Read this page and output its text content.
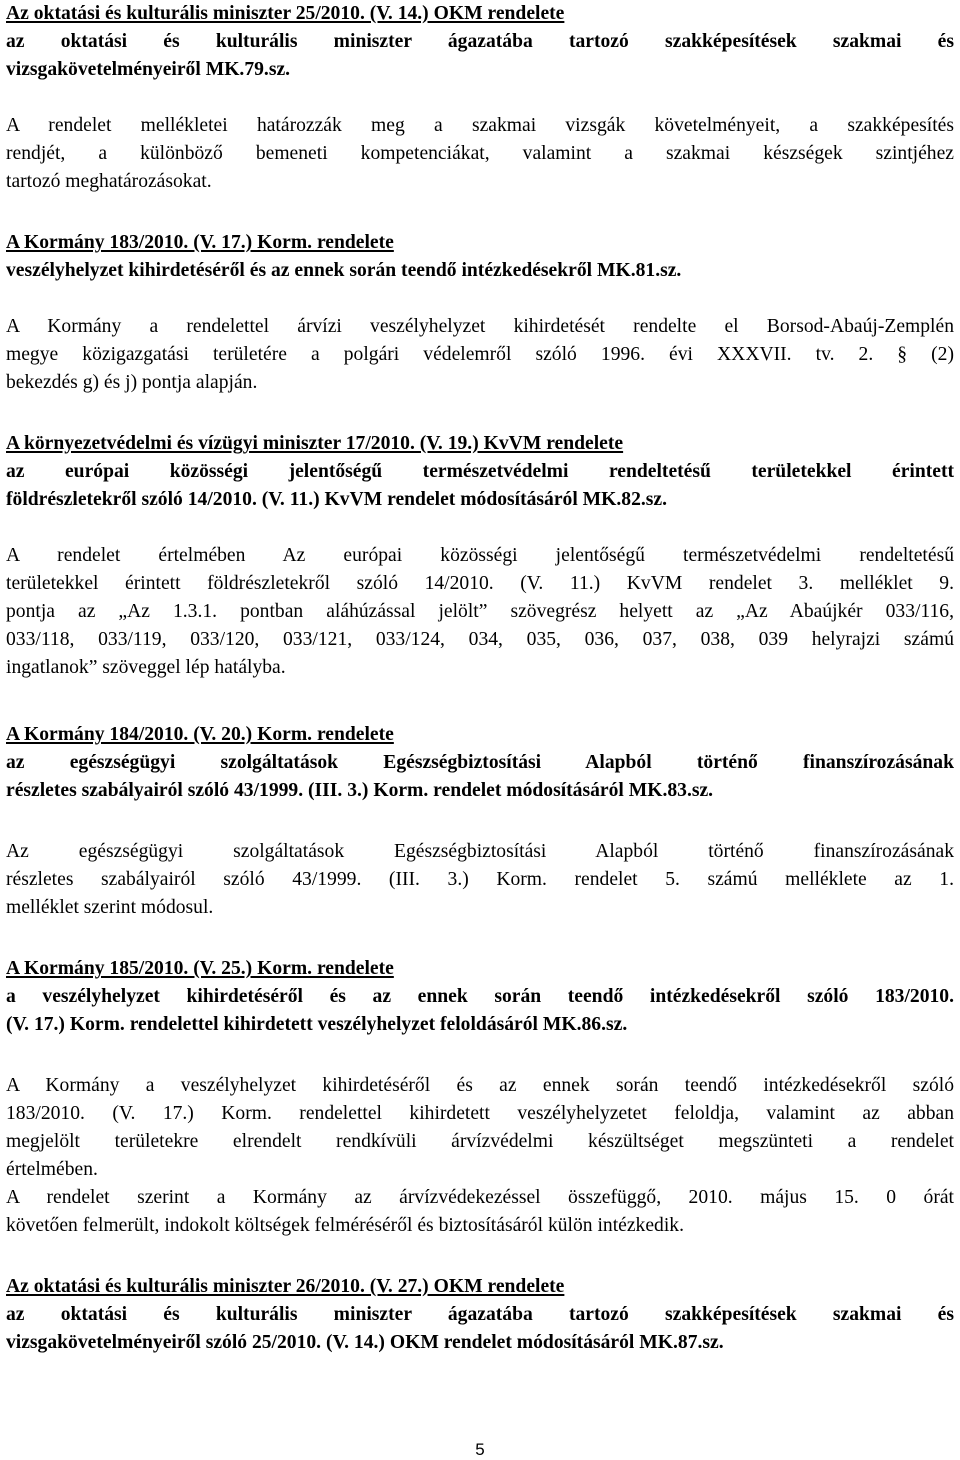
Az oktatási és kulturális miniszter 25/2010. (V. 14.) OKM rendelete
az oktatási és kulturális miniszter ágazatába tartozó szakképesítések szakmai és
vizsgakövetelményeiről MK.79.sz.
A rendelet mellékletei határozzák meg a szakmai vizsgák követelményeit, a szakképesítés
rendjét, a különböző bemeneti kompetenciákat, valamint a szakmai készségek szintjéhez
tartozó meghatározásokat.
A Kormány 183/2010. (V. 17.) Korm. rendelete
veszélyhelyzet kihirdetéséről és az ennek során teendő intézkedésekről MK.81.sz.
A Kormány a rendelettel árvízi veszélyhelyzet kihirdetését rendelte el Borsod-Abaúj-Zemplén
megye közigazgatási területére a polgári védelemről szóló 1996. évi XXXVII. tv. 2. § (2)
bekezdés g) és j) pontja alapján.
A környezetvédelmi és vízügyi miniszter 17/2010. (V. 19.) KvVM rendelete
az európai közösségi jelentőségű természetvédelmi rendeltetésű területekkel érintett
földrészletekről szóló 14/2010. (V. 11.) KvVM rendelet módosításáról MK.82.sz.
A rendelet értelmében Az európai közösségi jelentőségű természetvédelmi rendeltetésű
területekkel érintett földrészletekről szóló 14/2010. (V. 11.) KvVM rendelet 3. melléklet 9.
pontja az „Az 1.3.1. pontban aláhúzással jelölt” szövegrész helyett az „Az Abaújkér 033/116,
033/118, 033/119, 033/120, 033/121, 033/124, 034, 035, 036, 037, 038, 039 helyrajzi számú
ingatlanok” szöveggel lép hatályba.
A Kormány 184/2010. (V. 20.) Korm. rendelete
az egészségügyi szolgáltatások Egészségbiztosítási Alapból történő finanszírozásának
részletes szabályairól szóló 43/1999. (III. 3.) Korm. rendelet módosításáról MK.83.sz.
Az egészségügyi szolgáltatások Egészségbiztosítási Alapból történő finanszírozásának
részletes szabályairól szóló 43/1999. (III. 3.) Korm. rendelet 5. számú melléklete az 1.
melléklet szerint módosul.
A Kormány 185/2010. (V. 25.) Korm. rendelete
a veszélyhelyzet kihirdetéséről és az ennek során teendő intézkedésekről szóló 183/2010.
(V. 17.) Korm. rendelettel kihirdetett veszélyhelyzet feloldásáról MK.86.sz.
A Kormány a veszélyhelyzet kihirdetéséről és az ennek során teendő intézkedésekről szóló
183/2010. (V. 17.) Korm. rendelettel kihirdetett veszélyhelyzetet feloldja, valamint az abban
megjelölt területekre elrendelt rendkívüli árvízvédelmi készültséget megszünteti a rendelet
értelmében.
A rendelet szerint a Kormány az árvízvédekezéssel összefüggő, 2010. május 15. 0 órát
követően felmerült, indokolt költségek felméréséről és biztosításáról külön intézkedik.
Az oktatási és kulturális miniszter 26/2010. (V. 27.) OKM rendelete
az oktatási és kulturális miniszter ágazatába tartozó szakképesítések szakmai és
vizsgakövetelményeiről szóló 25/2010. (V. 14.) OKM rendelet módosításáról MK.87.sz.
5
